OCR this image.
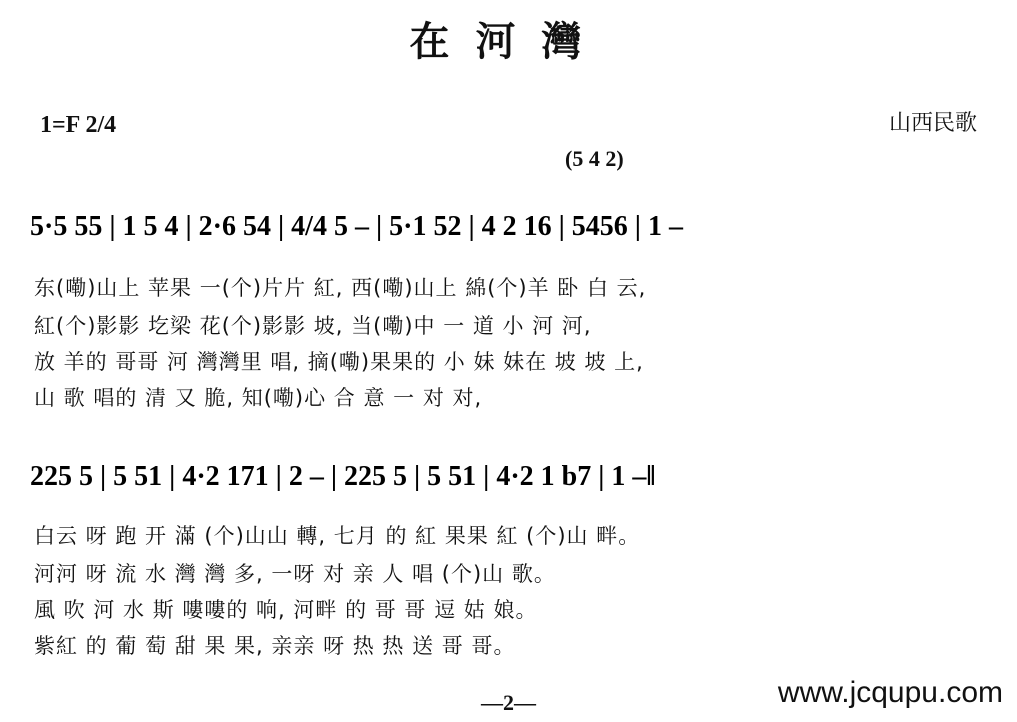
在河灣
1=F 2/4	山西民歌
(5 4 2)
5·5 55 | 1 5 4 | 2·6 54 | 4/4 5 – | 5·1 52 | 4 2 16 | 5456 | 1 –
东(嘞)山上 苹果 一(个)片片 紅, 西(嘞)山上 綿(个)羊 卧 白 云,
紅(个)影影 圪梁 花(个)影影 坡, 当(嘞)中 一 道 小 河 河,
放 羊的 哥哥 河 灣灣里 唱, 摘(嘞)果果的 小 妹 妹在 坡 坡 上,
山 歌 唱的 清 又 脆, 知(嘞)心 合 意 一 对 对,
225 5 | 5 51 | 4·2 171 | 2 – | 225 5 | 5 51 | 4·2 1 b7 | 1 –‖
白云 呀 跑 开 滿 (个)山山 轉, 七月 的 紅 果果 紅 (个)山 畔。
河河 呀 流 水 灣 灣 多, 一呀 对 亲 人 唱 (个)山 歌。
風 吹 河 水 斯 嘍嘍的 响, 河畔 的 哥 哥 逗 姑 娘。
紫紅 的 葡 萄 甜 果 果, 亲亲 呀 热 热 送 哥 哥。
—2—	www.jcqupu.com
